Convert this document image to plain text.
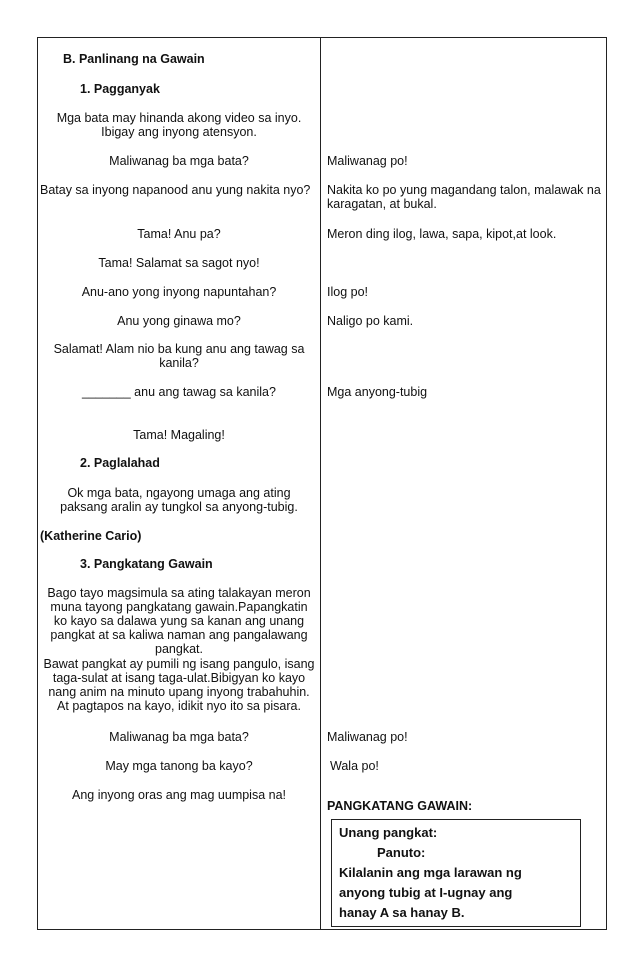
B. Panlinang na Gawain
1. Pagganyak
Mga bata may hinanda akong video sa inyo.
Ibigay ang inyong atensyon.
Maliwanag ba mga bata?
Batay sa inyong napanood anu yung nakita nyo?
Tama! Anu pa?
Tama! Salamat sa sagot nyo!
Anu-ano yong inyong napuntahan?
Anu yong ginawa mo?
Salamat! Alam nio ba kung anu ang tawag sa
kanila?
_______ anu ang tawag sa kanila?
Tama! Magaling!
2. Paglalahad
Ok mga bata, ngayong umaga ang ating
paksang aralin ay tungkol sa anyong-tubig.
(Katherine Cario)
3. Pangkatang Gawain
Bago tayo magsimula sa ating talakayan meron
muna tayong pangkatang gawain.Papangkatin
ko kayo sa dalawa yung sa kanan ang unang
pangkat at sa kaliwa naman ang pangalawang
pangkat.
Bawat pangkat ay pumili ng isang pangulo, isang
taga-sulat at isang taga-ulat.Bibigyan ko kayo
nang anim na minuto upang inyong trabahuhin.
At pagtapos na kayo, idikit nyo ito sa pisara.
Maliwanag ba mga bata?
May mga tanong ba kayo?
Ang inyong oras ang mag uumpisa na!
Maliwanag po!
Nakita ko po yung magandang talon, malawak na
karagatan, at bukal.
Meron ding ilog, lawa, sapa, kipot,at look.
Ilog po!
Naligo po kami.
Mga anyong-tubig
Maliwanag po!
Wala po!
PANGKATANG GAWAIN:
Unang pangkat:
Panuto:
Kilalanin ang mga larawan ng
anyong tubig at I-ugnay ang
hanay A sa hanay B.
